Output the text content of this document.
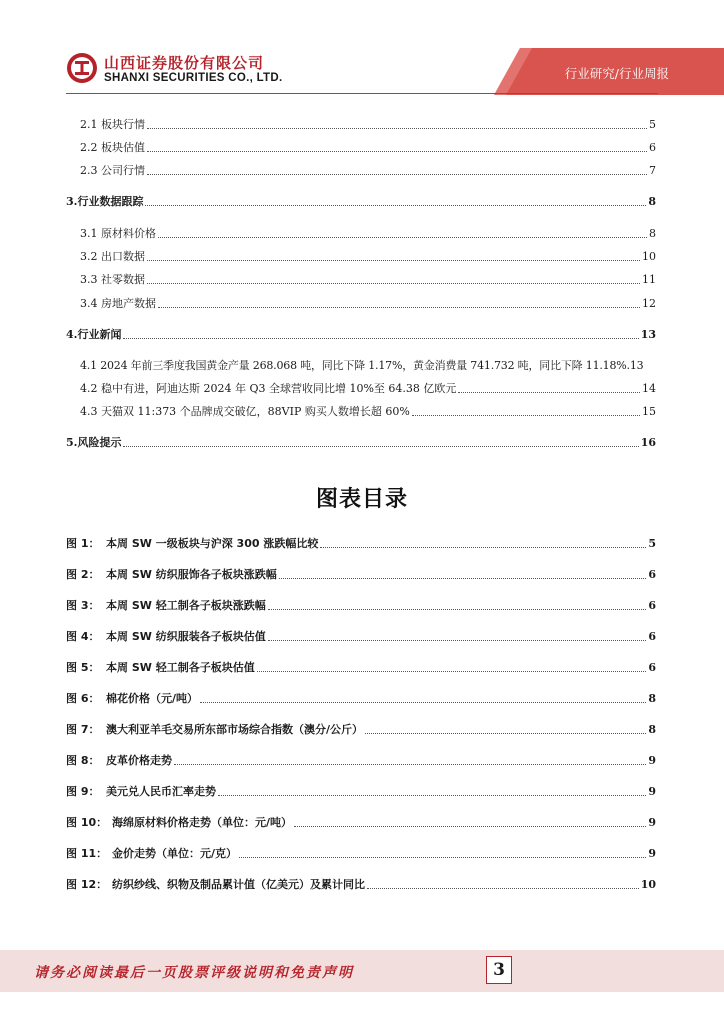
山西证券股份有限公司
SHANXI SECURITIES CO., LTD.	行业研究/行业周报
2.1 板块行情	5
2.2 板块估值	6
2.3 公司行情	7
3.行业数据跟踪	8
3.1 原材料价格	8
3.2 出口数据	10
3.3 社零数据	11
3.4 房地产数据	12
4.行业新闻	13
4.1 2024 年前三季度我国黄金产量 268.068 吨，同比下降 1.17%，黄金消费量 741.732 吨，同比下降 11.18%. 13
4.2 稳中有进，阿迪达斯 2024 年 Q3 全球营收同比增 10%至 64.38 亿欧元	14
4.3 天猫双 11:373 个品牌成交破亿，88VIP 购买人数增长超 60%	15
5.风险提示	16
图表目录
图 1： 本周 SW 一级板块与沪深 300 涨跌幅比较	5
图 2： 本周 SW 纺织服饰各子板块涨跌幅	6
图 3： 本周 SW 轻工制各子板块涨跌幅	6
图 4： 本周 SW 纺织服装各子板块估值	6
图 5： 本周 SW 轻工制各子板块估值	6
图 6： 棉花价格（元/吨）	8
图 7： 澳大利亚羊毛交易所东部市场综合指数（澳分/公斤）	8
图 8： 皮革价格走势	9
图 9： 美元兑人民币汇率走势	9
图 10： 海绵原材料价格走势（单位：元/吨）	9
图 11： 金价走势（单位：元/克）	9
图 12： 纺织纱线、织物及制品累计值（亿美元）及累计同比	10
请务必阅读最后一页股票评级说明和免责声明	3
